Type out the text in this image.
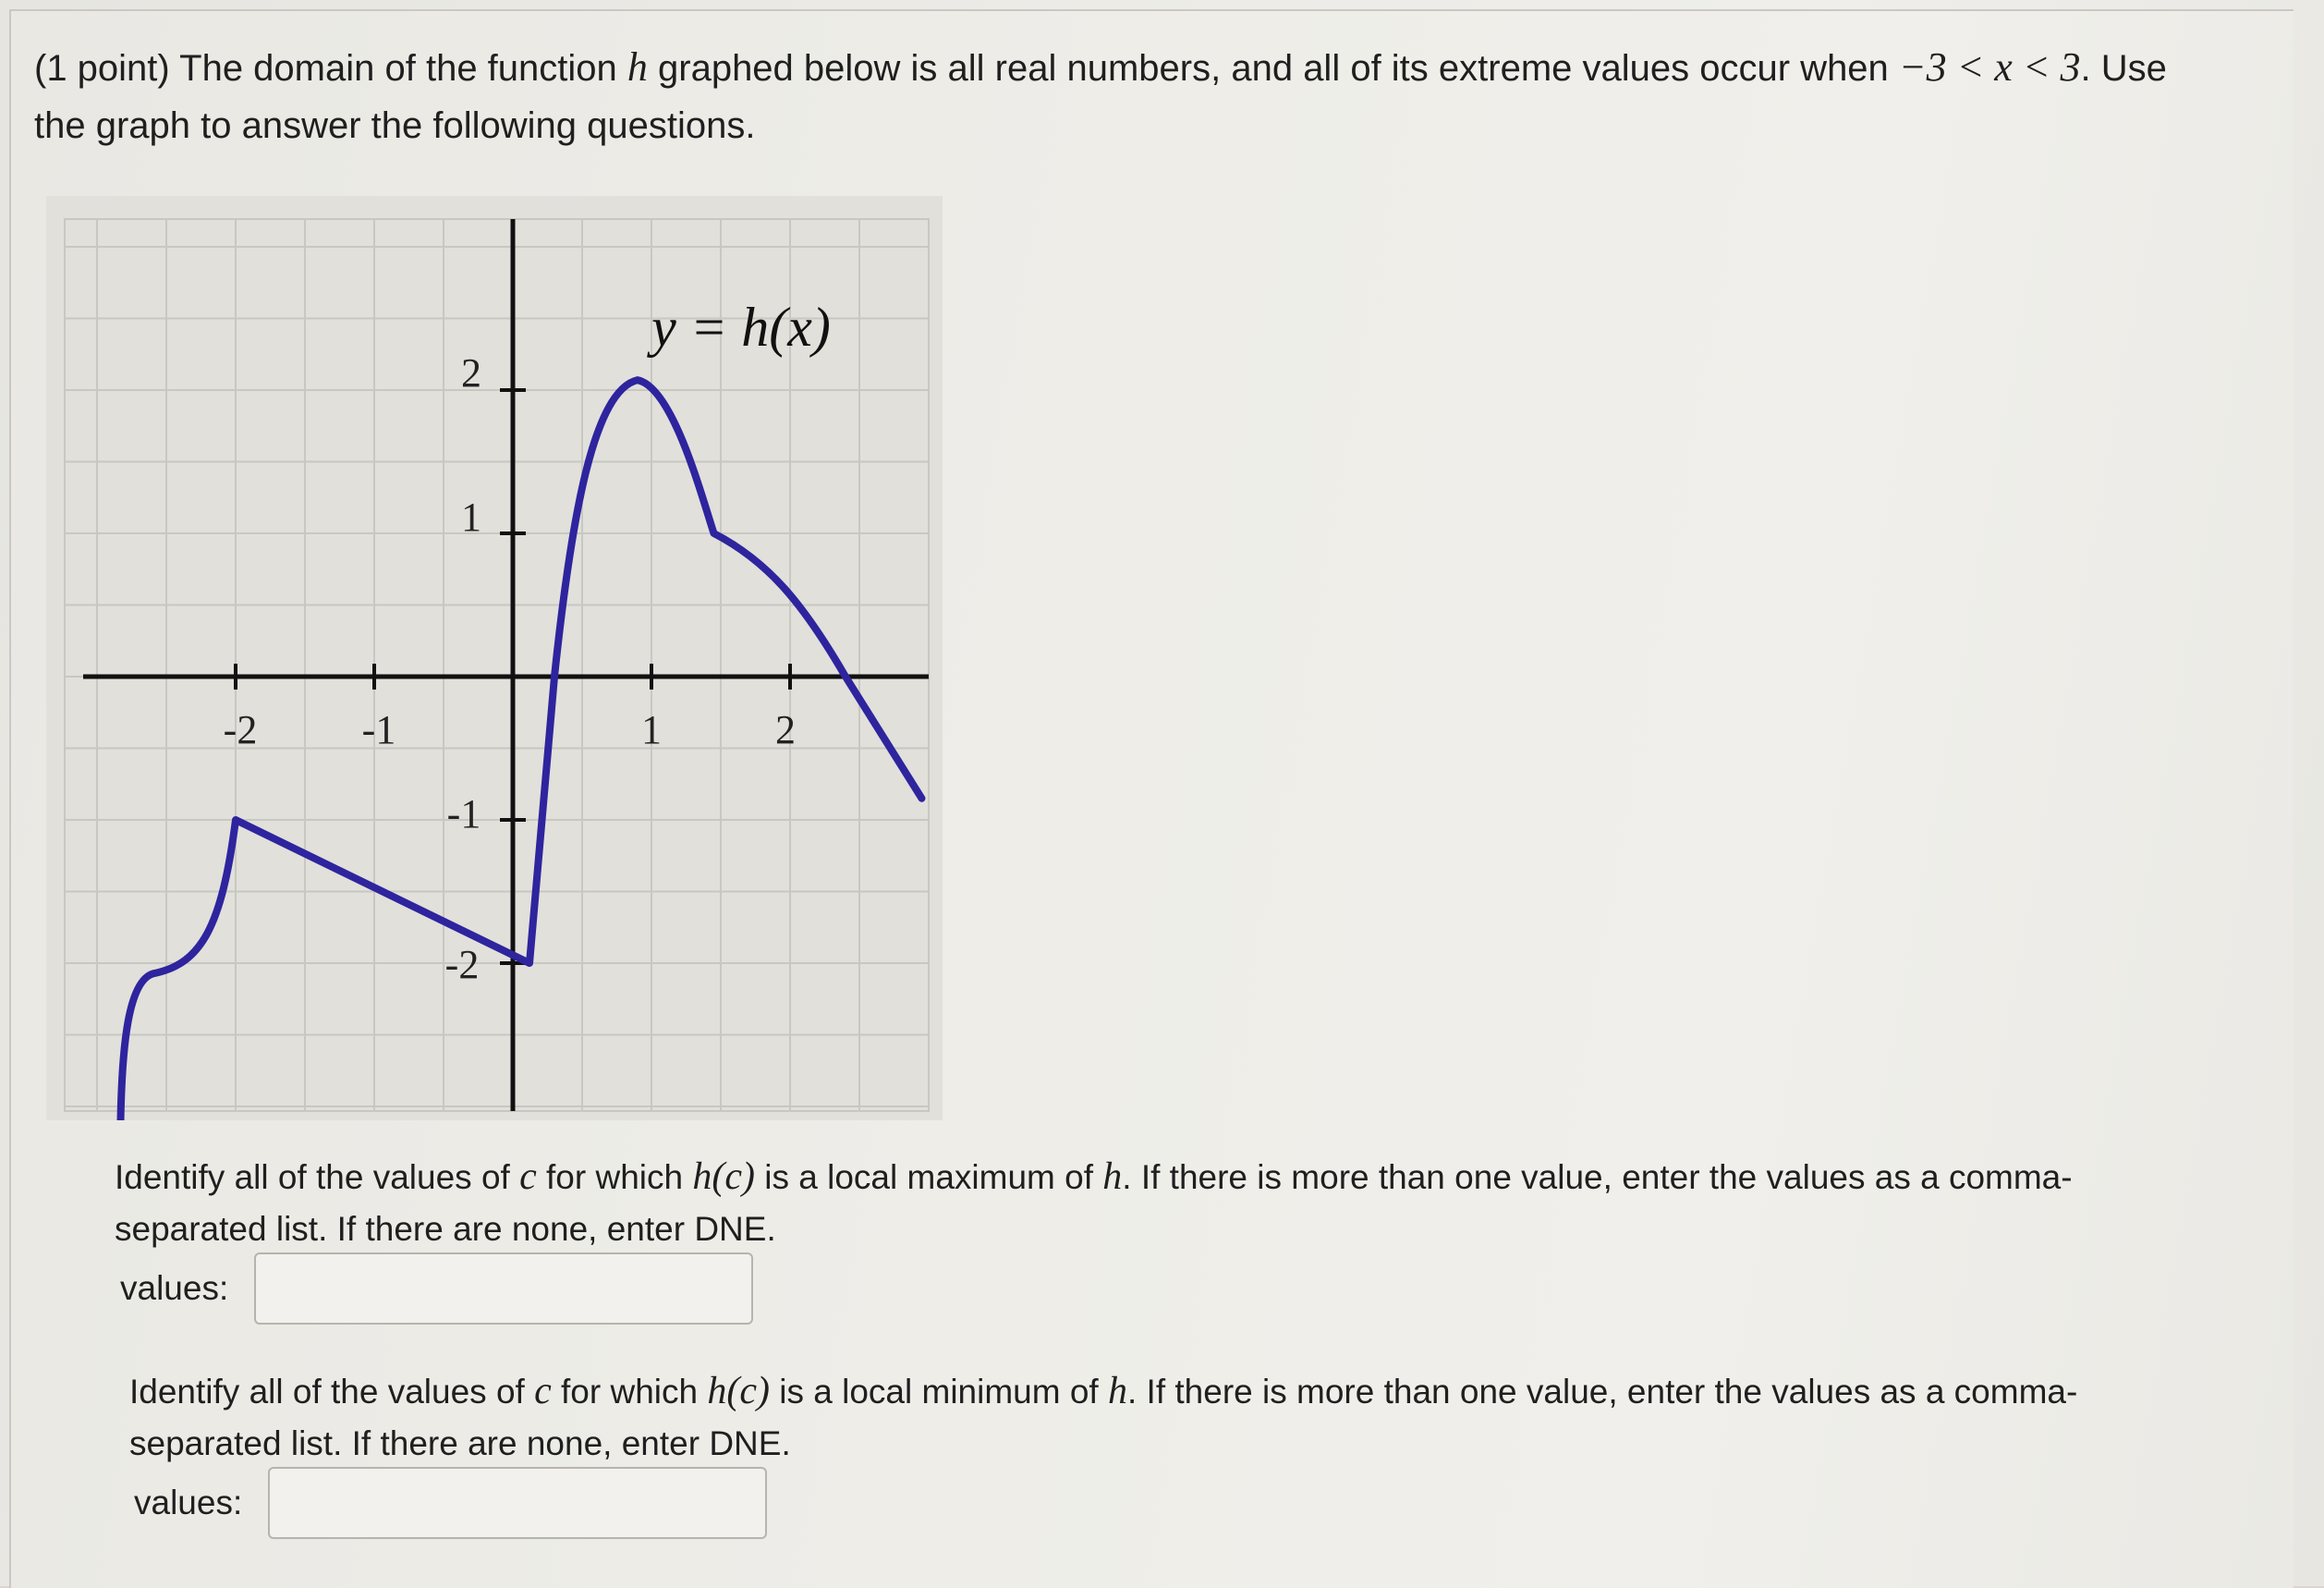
(1 point) The domain of the function h graphed below is all real numbers, and all of its extreme values occur when −3 < x < 3. Use
the graph to answer the following questions.
-2	-1	1	2
2
1
-1
-2
y = h(x)
Identify all of the values of c for which h(c) is a local maximum of h. If there is more than one value, enter the values as a comma-separated list. If there are none, enter DNE.
values:
Identify all of the values of c for which h(c) is a local minimum of h. If there is more than one value, enter the values as a comma-separated list. If there are none, enter DNE.
values:
